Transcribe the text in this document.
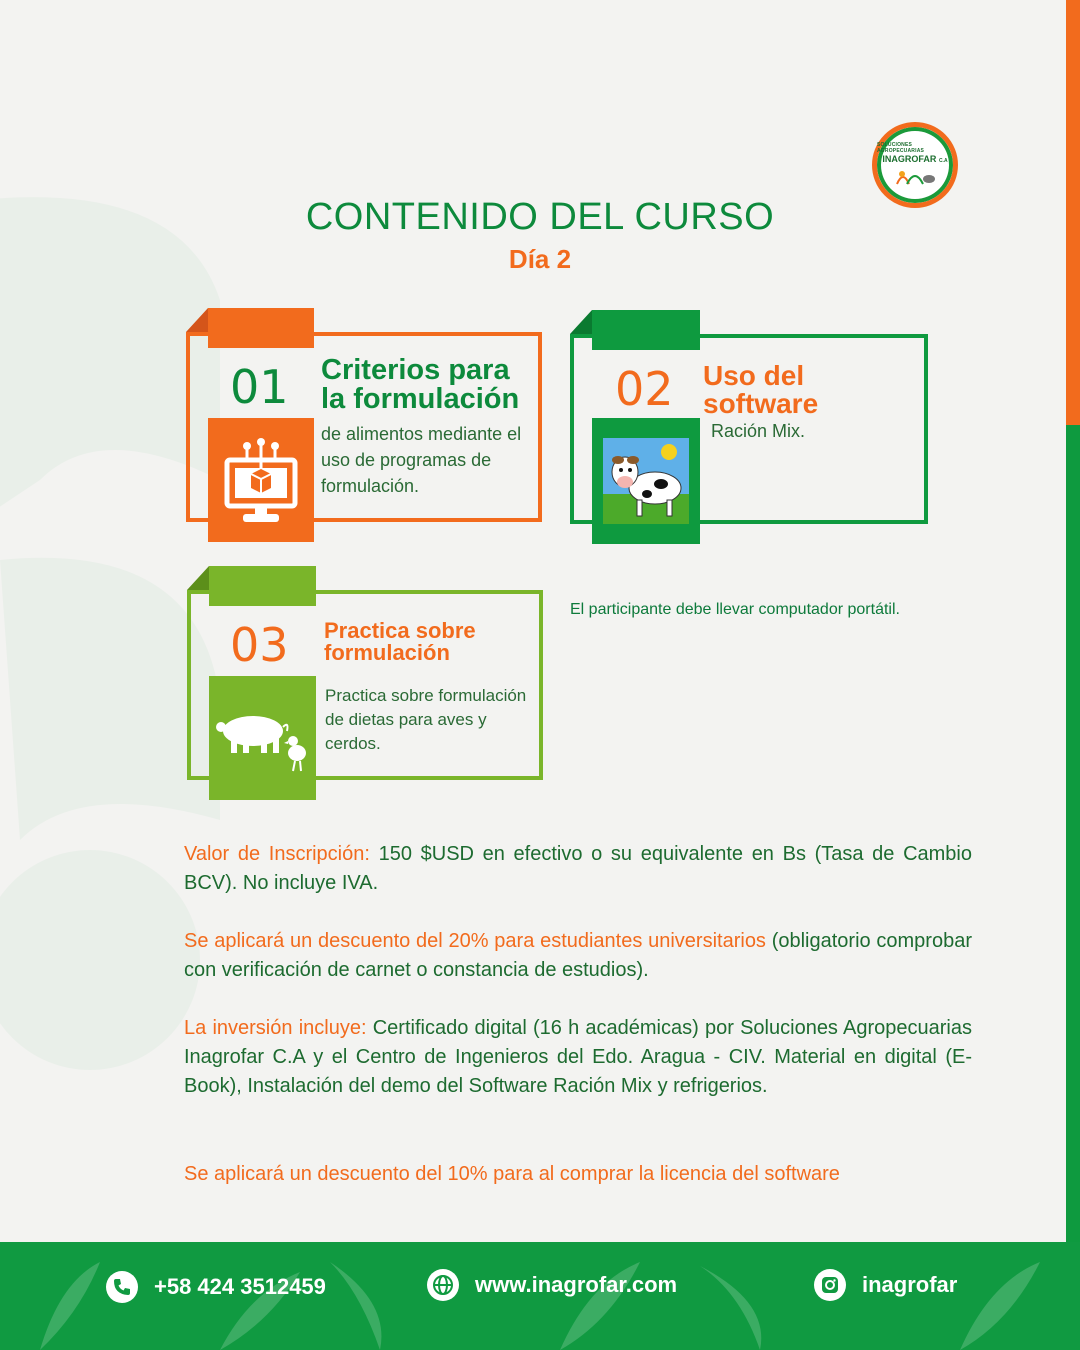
SOLUCIONES AGROPECUARIAS
INAGROFAR C.A
CONTENIDO DEL CURSO
Día 2
01 Criterios para
la formulación
de alimentos mediante el uso de programas de formulación.
02 Uso del
software
Ración Mix.
03 Practica sobre
formulación
Practica sobre formulación de dietas para aves y cerdos.
El participante debe llevar computador portátil.

Valor de Inscripción: 150 $USD en efectivo o su equivalente en Bs (Tasa de Cambio BCV). No incluye IVA.

Se aplicará un descuento del 20% para estudiantes universitarios (obligatorio comprobar con verificación de carnet o constancia de estudios).

La inversión incluye: Certificado digital (16 h académicas) por Soluciones Agropecuarias Inagrofar C.A y el Centro de Ingenieros del Edo. Aragua - CIV. Material en digital (E-Book), Instalación del demo del Software Ración Mix y refrigerios.

Se aplicará un descuento del 10% para al comprar la licencia del software

+58 424 3512459	www.inagrofar.com	inagrofar
